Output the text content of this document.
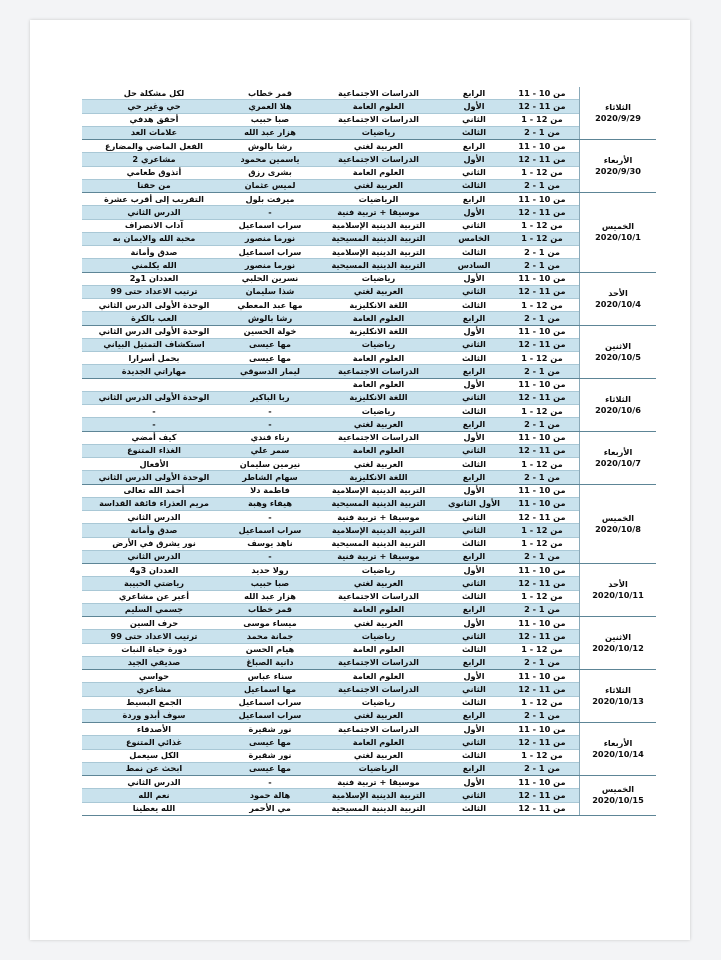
الثلاثاء
2020/9/29	من 10 - 11	الرابع	الدراسات الاجتماعية	قمر خطاب	لكل مشكلة حل
	من 11 - 12	الأول	العلوم العامة	هلا العمري	حي وغير حي
	من 12 - 1	الثاني	الدراسات الاجتماعية	صبا حبيب	أحقق هدفي
	من 1 - 2	الثالث	رياضيات	هزار عبد الله	علامات العد

الأربعاء
2020/9/30	من 10 - 11	الرابع	العربية لغتي	رشا بالوش	الفعل الماضي والمضارع
	من 11 - 12	الأول	الدراسات الاجتماعية	ياسمين محمود	مشاعري 2
	من 12 - 1	الثاني	العلوم العامة	بشرى رزق	أتذوق طعامي
	من 1 - 2	الثالث	العربية لغتي	لميس عثمان	من حقنا

الخميس
2020/10/1	من 10 - 11	الرابع	الرياضيات	ميرفت بلول	التقريب إلى أقرب عشرة
	من 11 - 12	الأول	موسيقا + تربية فنية	-	الدرس الثاني
	من 12 - 1	الثاني	التربية الدينية الإسلامية	سراب اسماعيل	آداب الانصراف
	من 12 - 1	الخامس	التربية الدينية المسيحية	نورما منصور	محبة الله والايمان به
	من 1 - 2	الثالث	التربية الدينية الإسلامية	سراب اسماعيل	صدق وأمانة
	من 1 - 2	السادس	التربية الدينية المسيحية	نورما منصور	الله يكلمني

الأحد
2020/10/4	من 10 - 11	الأول	رياضيات	نسرين الحلبي	العددان 1و2
	من 11 - 12	الثاني	العربية لغتي	شذا سليمان	ترتيب الاعداد حتى 99
	من 12 - 1	الثالث	اللغة الانكليزية	مها عبد المعطي	الوحدة الأولى الدرس الثاني
	من 1 - 2	الرابع	العلوم العامة	رشا بالوش	العب بالكرة

الاثنين
2020/10/5	من 10 - 11	الأول	اللغة الانكليزية	خولة الحسين	الوحدة الأولى الدرس الثاني
	من 11 - 12	الثاني	رياضيات	مها عيسى	استكشاف التمثيل البياني
	من 12 - 1	الثالث	العلوم العامة	مها عيسى	بحمل أسرارا
	من 1 - 2	الرابع	الدراسات الاجتماعية	ليمار الدسوقي	مهاراتي الجديدة

الثلاثاء
2020/10/6	من 10 - 11	الأول	العلوم العامة		
	من 11 - 12	الثاني	اللغة الانكليزية	ربا الباكير	الوحدة الأولى الدرس الثاني
	من 12 - 1	الثالث	رياضيات	-	-
	من 1 - 2	الرابع	العربية لغتي	-	-

الأربعاء
2020/10/7	من 10 - 11	الأول	الدراسات الاجتماعية	رناء قندي	كيف أمضي
	من 11 - 12	الثاني	العلوم العامة	سمر علي	الغذاء المتنوع
	من 12 - 1	الثالث	العربية لغتي	نيرمين سليمان	الأفعال
	من 1 - 2	الرابع	اللغة الانكليزية	سهام الشاطر	الوحدة الأولى الدرس الثاني

الخميس
2020/10/8	من 10 - 11	الأول	التربية الدينية الإسلامية	فاطمة دلا	أحمد الله تعالى
	من 10 - 11	الأول الثانوي	التربية الدينية المسيحية	هيفاء وهبة	مريم العذراء فائقة القداسة
	من 11 - 12	الثاني	موسيقا + تربية فنية	-	الدرس الثاني
	من 12 - 1	الثاني	التربية الدينية الإسلامية	سراب اسماعيل	صدق وأمانة
	من 12 - 1	الثالث	التربية الدينية المسيحية	ناهد يوسف	نور يشرق في الأرض
	من 1 - 2	الرابع	موسيقا + تربية فنية	-	الدرس الثاني

الأحد
2020/10/11	من 10 - 11	الأول	رياضيات	رولا حديد	العددان 3و4
	من 11 - 12	الثاني	العربية لغتي	صبا حبيب	رياضتي الحبيبة
	من 12 - 1	الثالث	الدراسات الاجتماعية	هزار عبد الله	أعبر عن مشاعري
	من 1 - 2	الرابع	العلوم العامة	قمر خطاب	جسمي السليم

الاثنين
2020/10/12	من 10 - 11	الأول	العربية لغتي	ميساء موسى	حرف السين
	من 11 - 12	الثاني	رياضيات	جمانة محمد	ترتيب الاعداد حتى 99
	من 12 - 1	الثالث	العلوم العامة	هيام الحسن	دورة حياة النبات
	من 1 - 2	الرابع	الدراسات الاجتماعية	دانية الصباغ	صديقي الجيد

الثلاثاء
2020/10/13	من 10 - 11	الأول	العلوم العامة	سناء عباس	حواسي
	من 11 - 12	الثاني	الدراسات الاجتماعية	مها اسماعيل	مشاعري
	من 12 - 1	الثالث	رياضيات	سراب اسماعيل	الجمع البسيط
	من 1 - 2	الرابع	العربية لغتي	سراب اسماعيل	سوف أبدو وردة

الأربعاء
2020/10/14	من 10 - 11	الأول	الدراسات الاجتماعية	نور شقيرة	الأصدقاء
	من 11 - 12	الثاني	العلوم العامة	مها عيسى	غذائي المتنوع
	من 12 - 1	الثالث	العربية لغتي	نور شقيرة	الكل سيعمل
	من 1 - 2	الرابع	الرياضيات	مها عيسى	ابحث عن نمط

الخميس
2020/10/15	من 10 - 11	الأول	موسيقا + تربية فنية	-	الدرس الثاني
	من 11 - 12	الثاني	التربية الدينية الإسلامية	هالة حمود	نعم الله
	من 11 - 12	الثالث	التربية الدينية المسيحية	مي الأحمر	الله يعطينا
